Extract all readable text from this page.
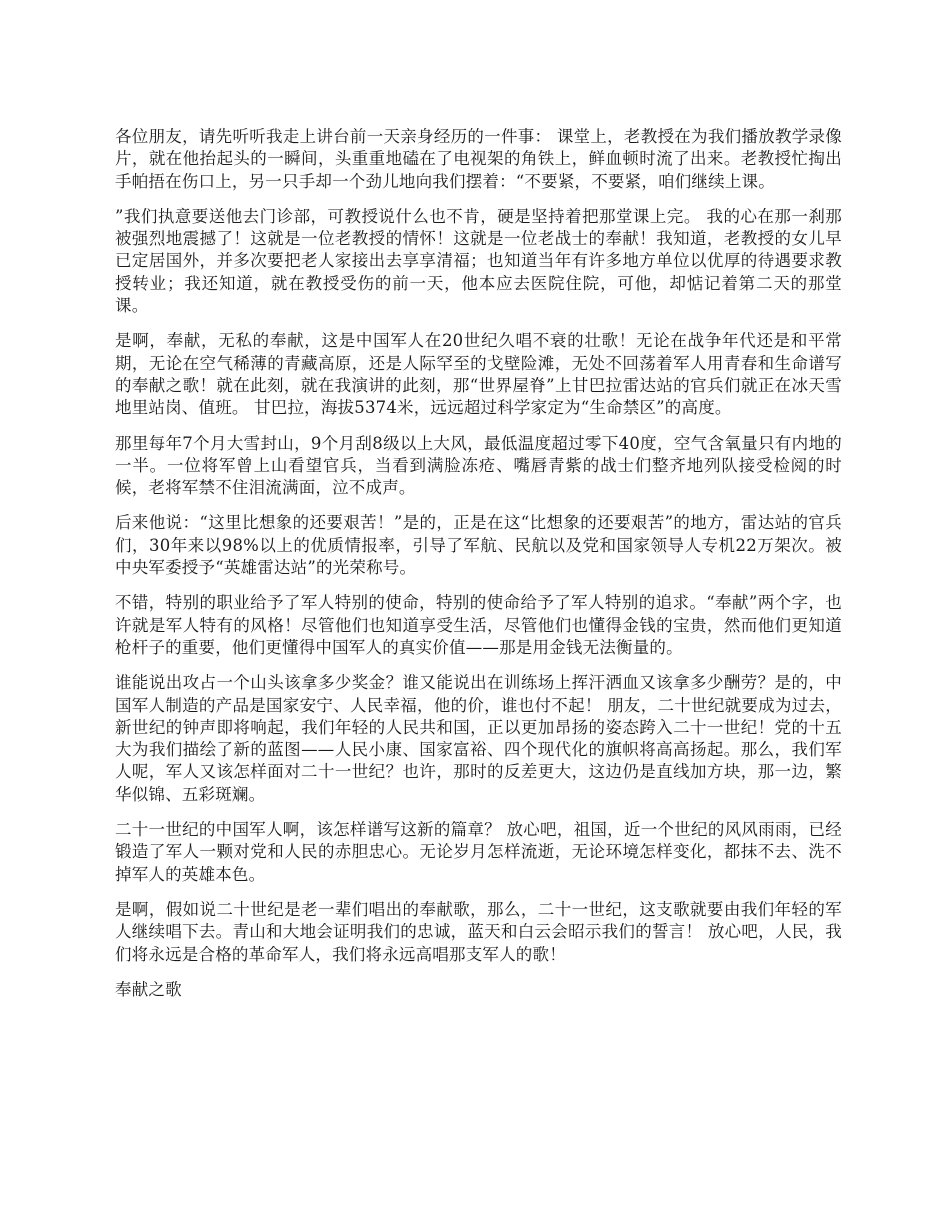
各位朋友，请先听听我走上讲台前一天亲身经历的一件事： 课堂上，老教授在为我们播放教学录像片，就在他抬起头的一瞬间，头重重地磕在了电视架的角铁上，鲜血顿时流了出来。老教授忙掏出手帕捂在伤口上，另一只手却一个劲儿地向我们摆着：“不要紧，不要紧，咱们继续上课。

”我们执意要送他去门诊部，可教授说什么也不肯，硬是坚持着把那堂课上完。 我的心在那一刹那被强烈地震撼了！这就是一位老教授的情怀！这就是一位老战士的奉献！我知道，老教授的女儿早已定居国外，并多次要把老人家接出去享享清福；也知道当年有许多地方单位以优厚的待遇要求教授转业；我还知道，就在教授受伤的前一天，他本应去医院住院，可他，却惦记着第二天的那堂课。

是啊，奉献，无私的奉献，这是中国军人在20世纪久唱不衰的壮歌！无论在战争年代还是和平常期，无论在空气稀薄的青藏高原，还是人际罕至的戈壁险滩，无处不回荡着军人用青春和生命谱写的奉献之歌！就在此刻，就在我演讲的此刻，那“世界屋脊”上甘巴拉雷达站的官兵们就正在冰天雪地里站岗、值班。 甘巴拉，海拔5374米，远远超过科学家定为“生命禁区”的高度。

那里每年7个月大雪封山，9个月刮8级以上大风，最低温度超过零下40度，空气含氧量只有内地的一半。一位将军曾上山看望官兵，当看到满脸冻疮、嘴唇青紫的战士们整齐地列队接受检阅的时候，老将军禁不住泪流满面，泣不成声。

后来他说：“这里比想象的还要艰苦！”是的，正是在这“比想象的还要艰苦”的地方，雷达站的官兵们，30年来以98%以上的优质情报率，引导了军航、民航以及党和国家领导人专机22万架次。被中央军委授予“英雄雷达站”的光荣称号。

不错，特别的职业给予了军人特别的使命，特别的使命给予了军人特别的追求。“奉献”两个字，也许就是军人特有的风格！尽管他们也知道享受生活，尽管他们也懂得金钱的宝贵，然而他们更知道枪杆子的重要，他们更懂得中国军人的真实价值——那是用金钱无法衡量的。

谁能说出攻占一个山头该拿多少奖金？谁又能说出在训练场上挥汗洒血又该拿多少酬劳？是的，中国军人制造的产品是国家安宁、人民幸福，他的价，谁也付不起！ 朋友，二十世纪就要成为过去，新世纪的钟声即将响起，我们年轻的人民共和国，正以更加昂扬的姿态跨入二十一世纪！党的十五大为我们描绘了新的蓝图——人民小康、国家富裕、四个现代化的旗帜将高高扬起。那么，我们军人呢，军人又该怎样面对二十一世纪？也许，那时的反差更大，这边仍是直线加方块，那一边，繁华似锦、五彩斑斓。

二十一世纪的中国军人啊，该怎样谱写这新的篇章？ 放心吧，祖国，近一个世纪的风风雨雨，已经锻造了军人一颗对党和人民的赤胆忠心。无论岁月怎样流逝，无论环境怎样变化，都抹不去、洗不掉军人的英雄本色。

是啊，假如说二十世纪是老一辈们唱出的奉献歌，那么，二十一世纪，这支歌就要由我们年轻的军人继续唱下去。青山和大地会证明我们的忠诚，蓝天和白云会昭示我们的誓言！ 放心吧，人民，我们将永远是合格的革命军人，我们将永远高唱那支军人的歌！

奉献之歌
